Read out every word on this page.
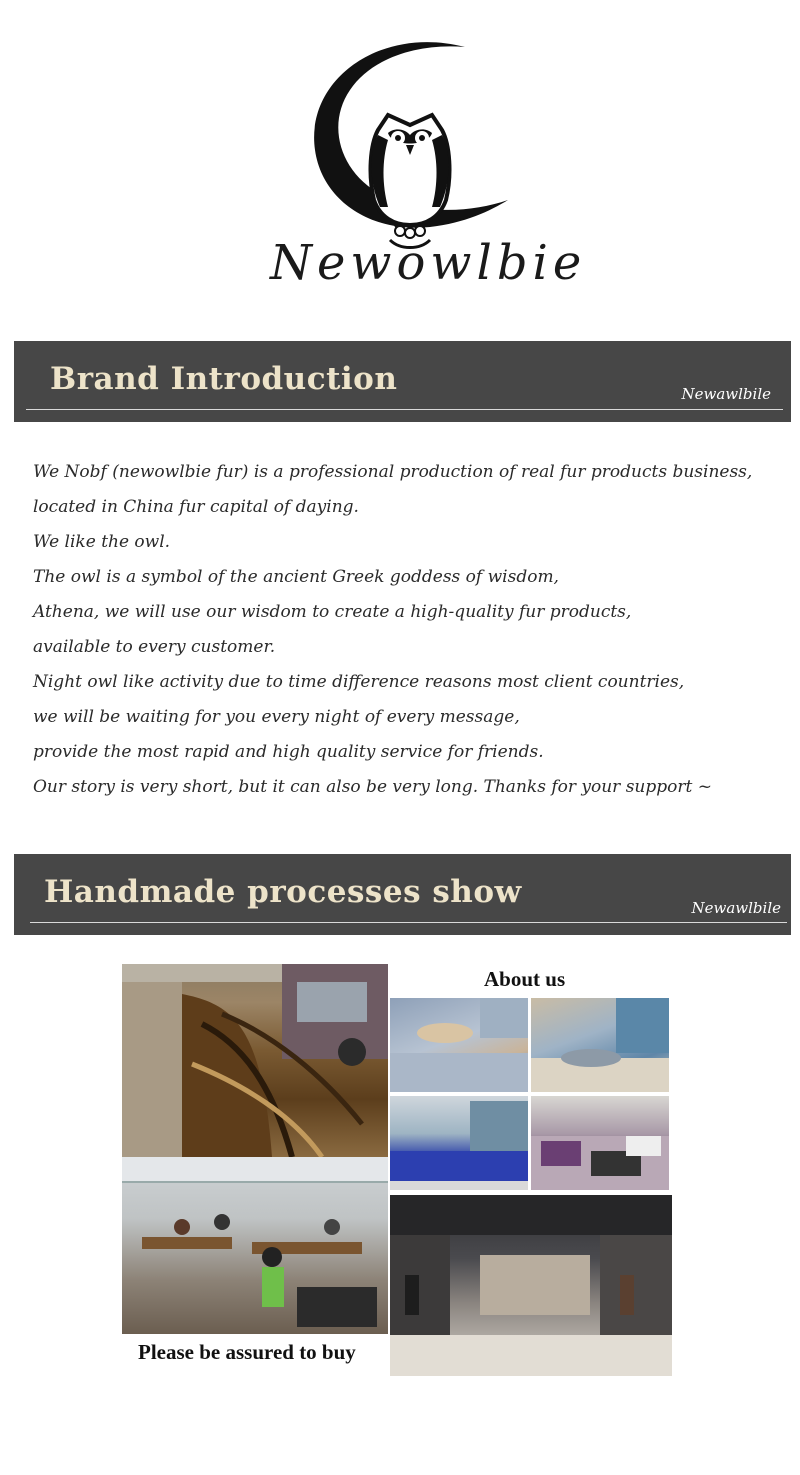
Newowlbie
Brand Introduction	Newawlbile
We Nobf (newowlbie fur) is a professional production of real fur products business,
located in China fur capital of daying.
We like the owl.
The owl is a symbol of the ancient Greek goddess of wisdom,
Athena, we will use our wisdom to create a high-quality fur products,
available to every customer.
Night owl like activity due to time difference reasons most client countries,
we will be waiting for you every night of every message,
provide the most rapid and high quality service for friends.
Our story is very short, but it can also be very long. Thanks for your support ~
Handmade processes show	Newawlbile
Please be assured to buy
About us
